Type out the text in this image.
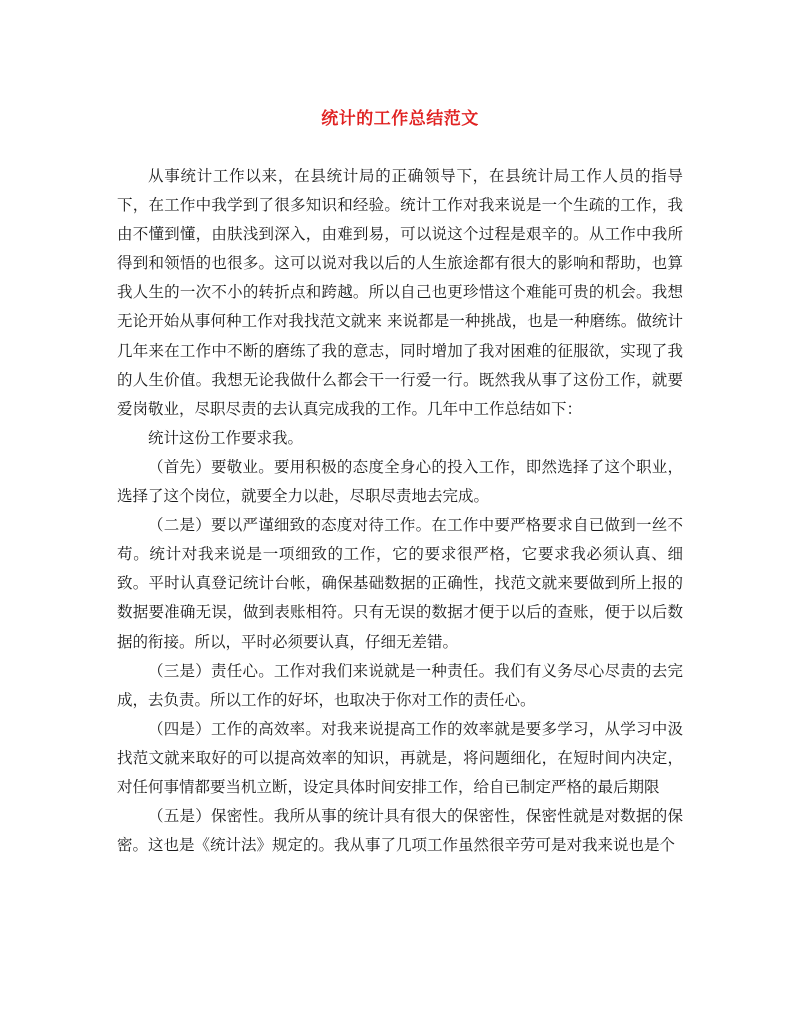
统计的工作总结范文

从事统计工作以来，在县统计局的正确领导下，在县统计局工作人员的指导下，在工作中我学到了很多知识和经验。统计工作对我来说是一个生疏的工作，我由不懂到懂，由肤浅到深入，由难到易，可以说这个过程是艰辛的。从工作中我所得到和领悟的也很多。这可以说对我以后的人生旅途都有很大的影响和帮助，也算我人生的一次不小的转折点和跨越。所以自己也更珍惜这个难能可贵的机会。我想无论开始从事何种工作对我找范文就来 来说都是一种挑战，也是一种磨练。做统计几年来在工作中不断的磨练了我的意志，同时增加了我对困难的征服欲，实现了我的人生价值。我想无论我做什么都会干一行爱一行。既然我从事了这份工作，就要爱岗敬业，尽职尽责的去认真完成我的工作。几年中工作总结如下：

统计这份工作要求我。

（首先）要敬业。要用积极的态度全身心的投入工作，即然选择了这个职业，选择了这个岗位，就要全力以赴，尽职尽责地去完成。

（二是）要以严谨细致的态度对待工作。在工作中要严格要求自已做到一丝不苟。统计对我来说是一项细致的工作，它的要求很严格，它要求我必须认真、细致。平时认真登记统计台帐，确保基础数据的正确性，找范文就来要做到所上报的数据要准确无误，做到表账相符。只有无误的数据才便于以后的查账，便于以后数据的衔接。所以，平时必须要认真，仔细无差错。

（三是）责任心。工作对我们来说就是一种责任。我们有义务尽心尽责的去完成，去负责。所以工作的好坏，也取决于你对工作的责任心。

（四是）工作的高效率。对我来说提高工作的效率就是要多学习，从学习中汲找范文就来取好的可以提高效率的知识，再就是，将问题细化，在短时间内决定，对任何事情都要当机立断，设定具体时间安排工作，给自已制定严格的最后期限

（五是）保密性。我所从事的统计具有很大的保密性，保密性就是对数据的保密。这也是《统计法》规定的。我从事了几项工作虽然很辛劳可是对我来说也是个
